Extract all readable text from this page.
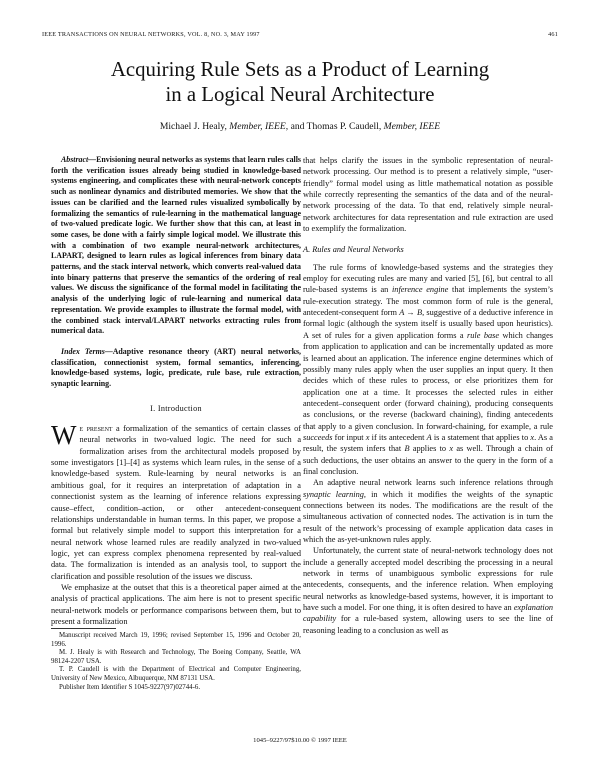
IEEE TRANSACTIONS ON NEURAL NETWORKS, VOL. 8, NO. 3, MAY 1997	461
Acquiring Rule Sets as a Product of Learning
in a Logical Neural Architecture
Michael J. Healy, Member, IEEE, and Thomas P. Caudell, Member, IEEE

Abstract—Envisioning neural networks as systems that learn rules calls forth the verification issues already being studied in knowledge-based systems engineering, and complicates these with neural-network concepts such as nonlinear dynamics and distributed memories. We show that the issues can be clarified and the learned rules visualized symbolically by formalizing the semantics of rule-learning in the mathematical language of two-valued predicate logic. We further show that this can, at least in some cases, be done with a fairly simple logical model. We illustrate this with a combination of two example neural-network architectures, LAPART, designed to learn rules as logical inferences from binary data patterns, and the stack interval network, which converts real-valued data into binary patterns that preserve the semantics of the ordering of real values. We discuss the significance of the formal model in facilitating the analysis of the underlying logic of rule-learning and numerical data representation. We provide examples to illustrate the formal model, with the combined stack interval/LAPART networks extracting rules from numerical data.

Index Terms—Adaptive resonance theory (ART) neural networks, classification, connectionist system, formal semantics, inferencing, knowledge-based systems, logic, predicate, rule base, rule extraction, synaptic learning.

I. Introduction

We present a formalization of the semantics of certain classes of neural networks in two-valued logic. The need for such a formalization arises from the architectural models proposed by some investigators [1]–[4] as systems which learn rules, in the sense of a knowledge-based system. Rule-learning by neural networks is an ambitious goal, for it requires an interpretation of adaptation in a connectionist system as the learning of inference relations expressing cause–effect, condition–action, or other antecedent-consequent relationships understandable in human terms. In this paper, we propose a formal but relatively simple model to support this interpretation for a neural network whose learned rules are readily analyzed in two-valued logic, yet can express complex phenomena represented by real-valued data. The formalization is intended as an analysis tool, to support the clarification and possible resolution of the issues we discuss.

We emphasize at the outset that this is a theoretical paper aimed at the analysis of practical applications. The aim here is not to present specific neural-network models or performance comparisons between them, but to present a formalization

Manuscript received March 19, 1996; revised September 15, 1996 and October 20, 1996.

M. J. Healy is with Research and Technology, The Boeing Company, Seattle, WA 98124-2207 USA.

T. P. Caudell is with the Department of Electrical and Computer Engineering, University of New Mexico, Albuquerque, NM 87131 USA.

Publisher Item Identifier S 1045-9227(97)02744-6.

that helps clarify the issues in the symbolic representation of neural-network processing. Our method is to present a relatively simple, “user-friendly” formal model using as little mathematical notation as possible while correctly representing the semantics of the data and of the neural-network processing of the data. To that end, relatively simple neural-network architectures for data representation and rule extraction are used to exemplify the formalization.

A. Rules and Neural Networks

The rule forms of knowledge-based systems and the strategies they employ for executing rules are many and varied [5], [6], but central to all rule-based systems is an inference engine that implements the system’s rule-execution strategy. The most common form of rule is the general, antecedent-consequent form A → B, suggestive of a deductive inference in formal logic (although the system itself is usually based upon heuristics). A set of rules for a given application forms a rule base which changes from application to application and can be incrementally updated as more is learned about an application. The inference engine determines which of possibly many rules apply when the user supplies an input query. It then decides which of these rules to process, or else prioritizes them for application one at a time. It processes the selected rules in either antecedent–consequent order (forward chaining), producing consequents as conclusions, or the reverse (backward chaining), finding antecedents that apply to a given conclusion. In forward-chaining, for example, a rule succeeds for input x if its antecedent A is a statement that applies to x. As a result, the system infers that B applies to x as well. Through a chain of such deductions, the user obtains an answer to the query in the form of a final conclusion.

An adaptive neural network learns such inference relations through synaptic learning, in which it modifies the weights of the synaptic connections between its nodes. The modifications are the result of the simultaneous activation of connected nodes. The activation is in turn the result of the network’s processing of example application data cases in which the as-yet-unknown rules apply.

Unfortunately, the current state of neural-network technology does not include a generally accepted model describing the processing in a neural network in terms of unambiguous symbolic expressions for rule antecedents, consequents, and the inference relation. When employing neural networks as knowledge-based systems, however, it is important to have such a model. For one thing, it is often desired to have an explanation capability for a rule-based system, allowing users to see the line of reasoning leading to a conclusion as well as

1045–9227/97$10.00 © 1997 IEEE
